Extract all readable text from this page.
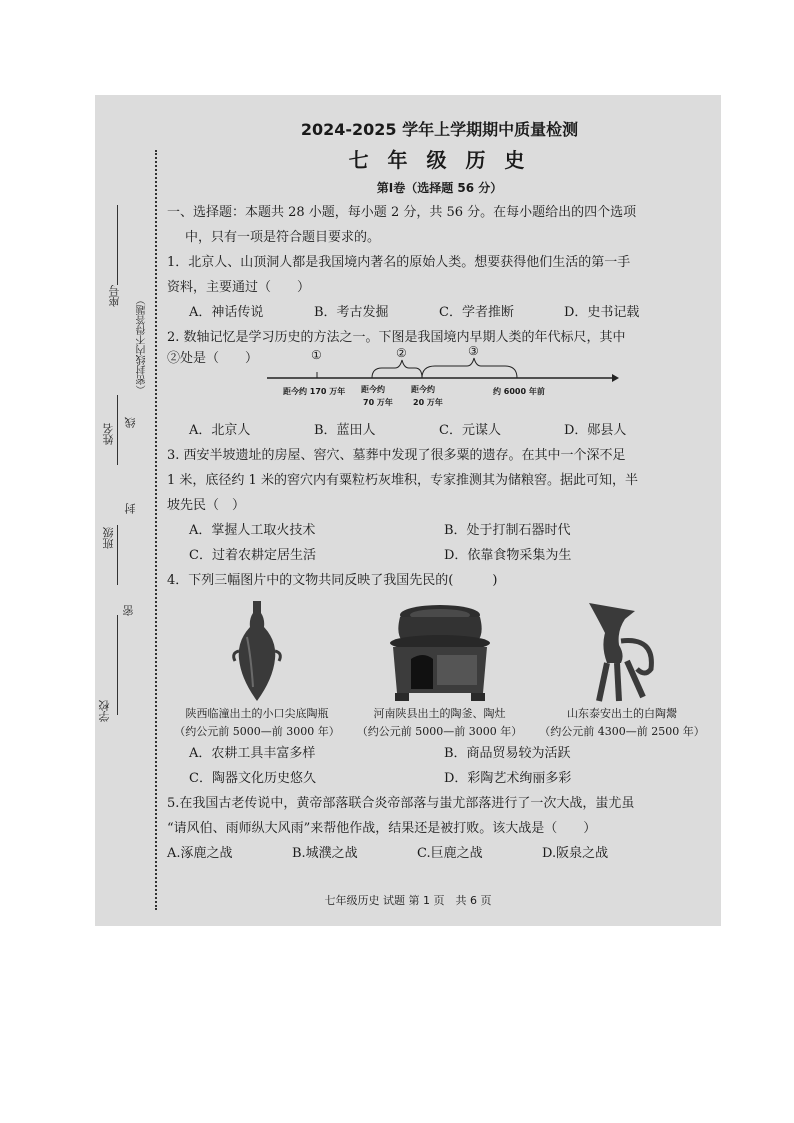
座号 （密封线内不得答题）
线
姓名
封
班级
密
学校
2024-2025 学年上学期期中质量检测
七 年 级 历 史
第Ⅰ卷（选择题 56 分）
一、选择题：本题共 28 小题，每小题 2 分，共 56 分。在每小题给出的四个选项
中，只有一项是符合题目要求的。
1．北京人、山顶洞人都是我国境内著名的原始人类。想要获得他们生活的第一手
资料，主要通过（　　）
A．神话传说	B．考古发掘	C．学者推断	D．史书记载
2. 数轴记忆是学习历史的方法之一。下图是我国境内早期人类的年代标尺，其中
②处是（　　）	①	②	③
距今约 170 万年 距今约
70 万年
距今约
20 万年
约 6000 年前
A．北京人	B．蓝田人	C．元谋人	D．郧县人
3. 西安半坡遗址的房屋、窖穴、墓葬中发现了很多粟的遗存。在其中一个深不足
1 米，底径约 1 米的窖穴内有粟粒朽灰堆积，专家推测其为储粮窖。据此可知，半
坡先民（　）
A．掌握人工取火技术	B．处于打制石器时代
C．过着农耕定居生活	D．依靠食物采集为生
4．下列三幅图片中的文物共同反映了我国先民的(　　　)
陕西临潼出土的小口尖底陶瓶
（约公元前 5000—前 3000 年）
河南陕县出土的陶釜、陶灶
（约公元前 5000—前 3000 年）
山东泰安出土的白陶鬶
（约公元前 4300—前 2500 年）
A．农耕工具丰富多样	B．商品贸易较为活跃
C．陶器文化历史悠久	D．彩陶艺术绚丽多彩
5.在我国古老传说中，黄帝部落联合炎帝部落与蚩尤部落进行了一次大战，蚩尤虽
“请风伯、雨师纵大风雨”来帮他作战，结果还是被打败。该大战是（　　）
A.涿鹿之战	B.城濮之战	C.巨鹿之战	D.阪泉之战
七年级历史 试题 第 1 页　共 6 页
